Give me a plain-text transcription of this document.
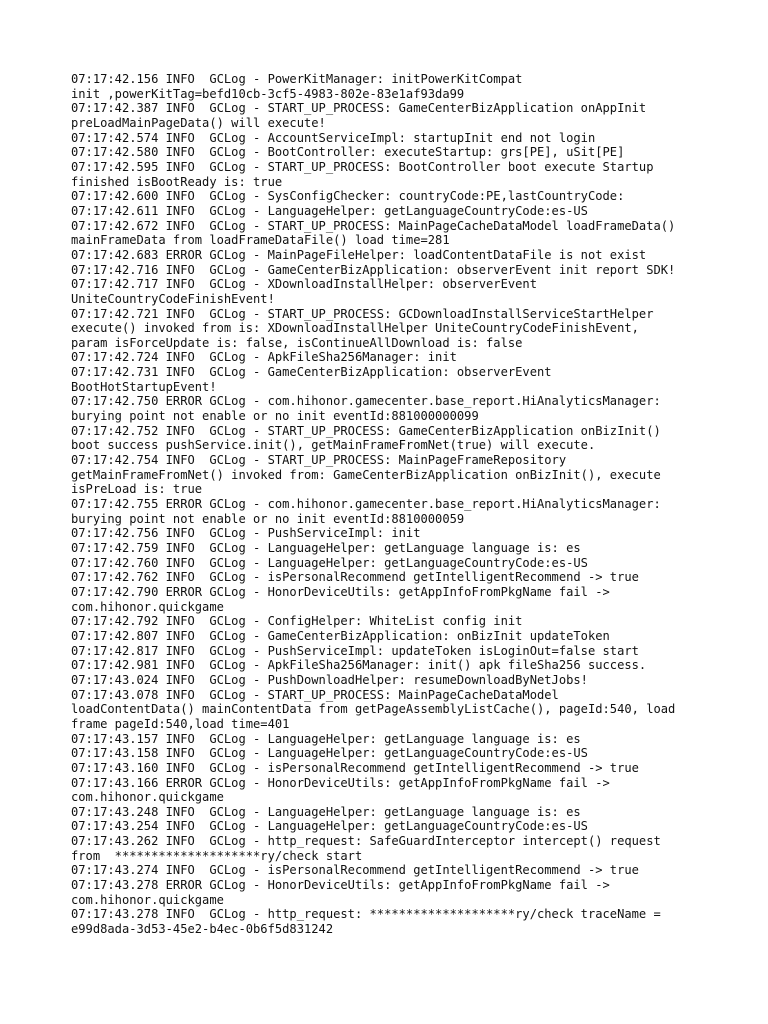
07:17:42.156 INFO  GCLog - PowerKitManager: initPowerKitCompat
init ,powerKitTag=befd10cb-3cf5-4983-802e-83e1af93da99
07:17:42.387 INFO  GCLog - START_UP_PROCESS: GameCenterBizApplication onAppInit
preLoadMainPageData() will execute!
07:17:42.574 INFO  GCLog - AccountServiceImpl: startupInit end not login
07:17:42.580 INFO  GCLog - BootController: executeStartup: grs[PE], uSit[PE]
07:17:42.595 INFO  GCLog - START_UP_PROCESS: BootController boot execute Startup
finished isBootReady is: true
07:17:42.600 INFO  GCLog - SysConfigChecker: countryCode:PE,lastCountryCode:
07:17:42.611 INFO  GCLog - LanguageHelper: getLanguageCountryCode:es-US
07:17:42.672 INFO  GCLog - START_UP_PROCESS: MainPageCacheDataModel loadFrameData()
mainFrameData from loadFrameDataFile() load time=281
07:17:42.683 ERROR GCLog - MainPageFileHelper: loadContentDataFile is not exist
07:17:42.716 INFO  GCLog - GameCenterBizApplication: observerEvent init report SDK!
07:17:42.717 INFO  GCLog - XDownloadInstallHelper: observerEvent
UniteCountryCodeFinishEvent!
07:17:42.721 INFO  GCLog - START_UP_PROCESS: GCDownloadInstallServiceStartHelper
execute() invoked from is: XDownloadInstallHelper UniteCountryCodeFinishEvent,
param isForceUpdate is: false, isContinueAllDownload is: false
07:17:42.724 INFO  GCLog - ApkFileSha256Manager: init
07:17:42.731 INFO  GCLog - GameCenterBizApplication: observerEvent
BootHotStartupEvent!
07:17:42.750 ERROR GCLog - com.hihonor.gamecenter.base_report.HiAnalyticsManager:
burying point not enable or no init eventId:881000000099
07:17:42.752 INFO  GCLog - START_UP_PROCESS: GameCenterBizApplication onBizInit()
boot success pushService.init(), getMainFrameFromNet(true) will execute.
07:17:42.754 INFO  GCLog - START_UP_PROCESS: MainPageFrameRepository
getMainFrameFromNet() invoked from: GameCenterBizApplication onBizInit(), execute
isPreLoad is: true
07:17:42.755 ERROR GCLog - com.hihonor.gamecenter.base_report.HiAnalyticsManager:
burying point not enable or no init eventId:8810000059
07:17:42.756 INFO  GCLog - PushServiceImpl: init
07:17:42.759 INFO  GCLog - LanguageHelper: getLanguage language is: es
07:17:42.760 INFO  GCLog - LanguageHelper: getLanguageCountryCode:es-US
07:17:42.762 INFO  GCLog - isPersonalRecommend getIntelligentRecommend -> true
07:17:42.790 ERROR GCLog - HonorDeviceUtils: getAppInfoFromPkgName fail ->
com.hihonor.quickgame
07:17:42.792 INFO  GCLog - ConfigHelper: WhiteList config init
07:17:42.807 INFO  GCLog - GameCenterBizApplication: onBizInit updateToken
07:17:42.817 INFO  GCLog - PushServiceImpl: updateToken isLoginOut=false start
07:17:42.981 INFO  GCLog - ApkFileSha256Manager: init() apk fileSha256 success.
07:17:43.024 INFO  GCLog - PushDownloadHelper: resumeDownloadByNetJobs!
07:17:43.078 INFO  GCLog - START_UP_PROCESS: MainPageCacheDataModel
loadContentData() mainContentData from getPageAssemblyListCache(), pageId:540, load
frame pageId:540,load time=401
07:17:43.157 INFO  GCLog - LanguageHelper: getLanguage language is: es
07:17:43.158 INFO  GCLog - LanguageHelper: getLanguageCountryCode:es-US
07:17:43.160 INFO  GCLog - isPersonalRecommend getIntelligentRecommend -> true
07:17:43.166 ERROR GCLog - HonorDeviceUtils: getAppInfoFromPkgName fail ->
com.hihonor.quickgame
07:17:43.248 INFO  GCLog - LanguageHelper: getLanguage language is: es
07:17:43.254 INFO  GCLog - LanguageHelper: getLanguageCountryCode:es-US
07:17:43.262 INFO  GCLog - http_request: SafeGuardInterceptor intercept() request
from  ********************ry/check start
07:17:43.274 INFO  GCLog - isPersonalRecommend getIntelligentRecommend -> true
07:17:43.278 ERROR GCLog - HonorDeviceUtils: getAppInfoFromPkgName fail ->
com.hihonor.quickgame
07:17:43.278 INFO  GCLog - http_request: ********************ry/check traceName =
e99d8ada-3d53-45e2-b4ec-0b6f5d831242
